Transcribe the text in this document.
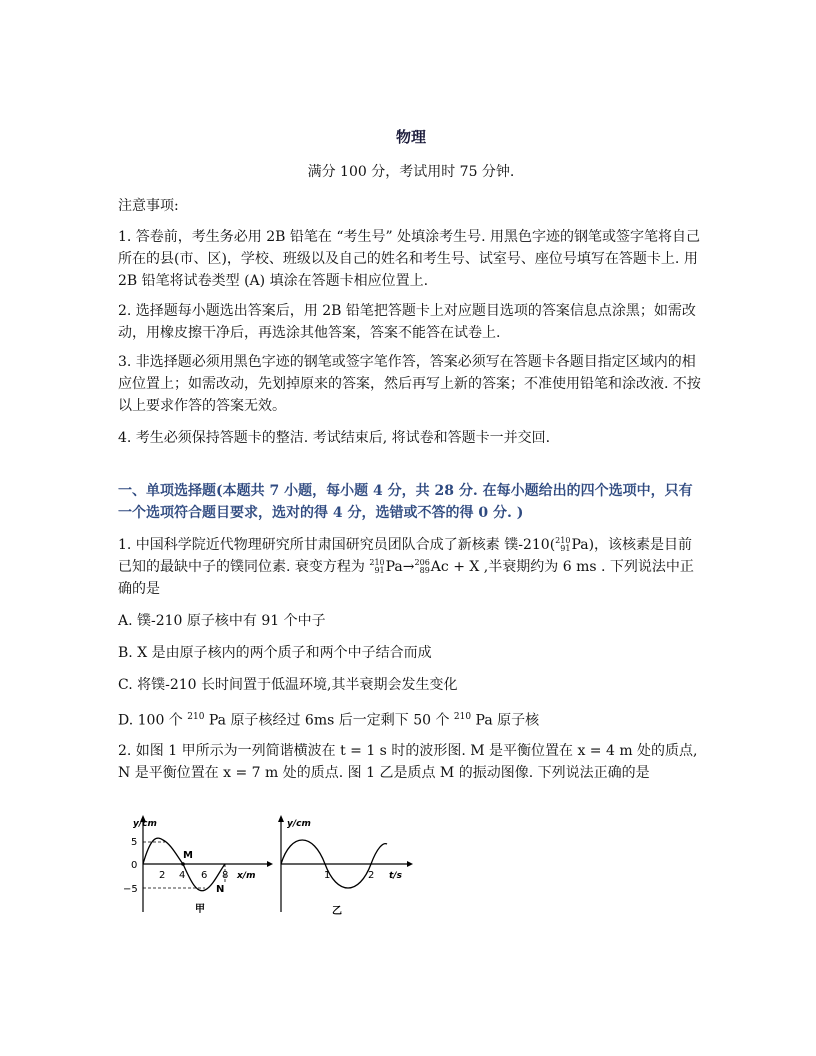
物理
满分 100 分，考试用时 75 分钟.
注意事项:
1. 答卷前，考生务必用 2B 铅笔在 “考生号” 处填涂考生号. 用黑色字迹的钢笔或签字笔将自己所在的县(市、区)，学校、班级以及自己的姓名和考生号、试室号、座位号填写在答题卡上. 用 2B 铅笔将试卷类型 (A) 填涂在答题卡相应位置上.
2. 选择题每小题选出答案后，用 2B 铅笔把答题卡上对应题目选项的答案信息点涂黑；如需改动，用橡皮擦干净后，再选涂其他答案，答案不能答在试卷上.
3. 非选择题必须用黑色字迹的钢笔或签字笔作答，答案必须写在答题卡各题目指定区域内的相应位置上；如需改动，先划掉原来的答案，然后再写上新的答案；不准使用铅笔和涂改液. 不按以上要求作答的答案无效。
4. 考生必须保持答题卡的整洁. 考试结束后, 将试卷和答题卡一并交回.
一、单项选择题(本题共 7 小题，每小题 4 分，共 28 分. 在每小题给出的四个选项中，只有 一个选项符合题目要求，选对的得 4 分，选错或不答的得 0 分. )
1. 中国科学院近代物理研究所甘肃国研究员团队合成了新核素 镤-210( 210
91 Pa)，该核素是目前已知的最缺中子的镤同位素. 衰变方程为 210
91 Pa→ 206
89 Ac + X ,半衰期约为 6 ms . 下列说法中正确的是
A. 镤-210 原子核中有 91 个中子
B. X 是由原子核内的两个质子和两个中子结合而成
C. 将镤-210 长时间置于低温环境,其半衰期会发生变化
D. 100 个 $^{210}$ Pa 原子核经过 6ms 后一定剩下 50 个 $^{210}$ Pa 原子核
2. 如图 1 甲所示为一列简谐横波在 t = 1 s 时的波形图. M 是平衡位置在 x = 4 m 处的质点, N 是平衡位置在 x = 7 m 处的质点. 图 1 乙是质点 M 的振动图像. 下列说法正确的是
y/cm
5
0
−5
2 4 6 8 x/m
M
N
甲
y/cm
1	2 t/s
乙
